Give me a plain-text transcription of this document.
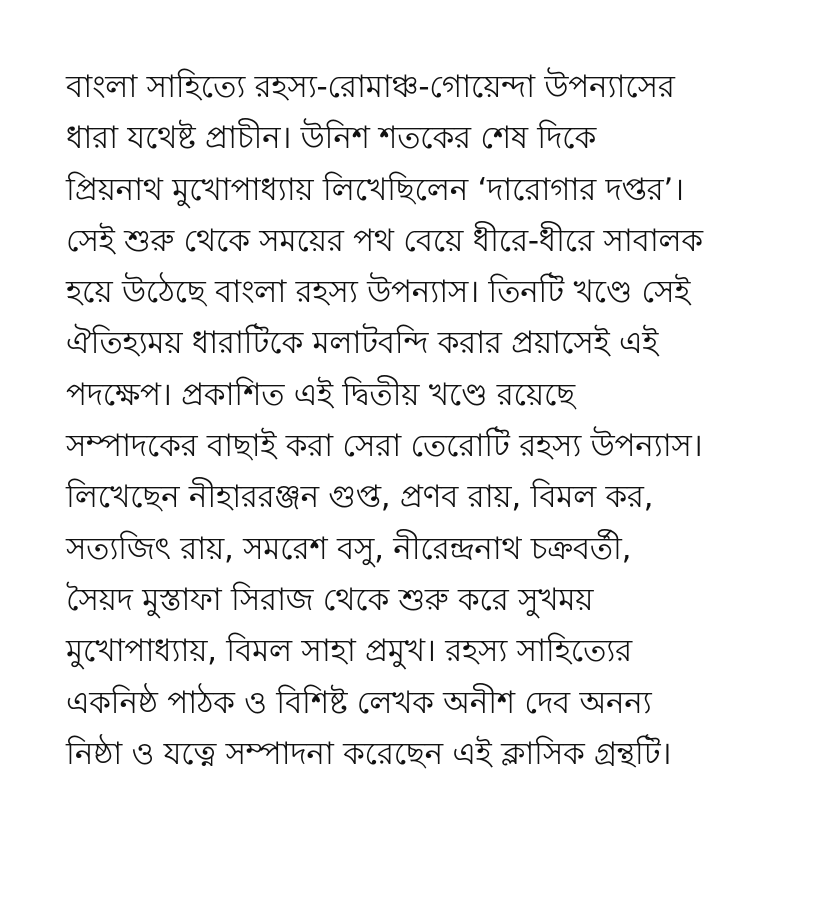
বাংলা সাহিত্যে রহস্য-রোমাঞ্চ-গোয়েন্দা উপন্যাসের
ধারা যথেষ্ট প্রাচীন। উনিশ শতকের শেষ দিকে
প্রিয়নাথ মুখোপাধ্যায় লিখেছিলেন ‘দারোগার দপ্তর’।
সেই শুরু থেকে সময়ের পথ বেয়ে ধীরে-ধীরে সাবালক
হয়ে উঠেছে বাংলা রহস্য উপন্যাস। তিনটি খণ্ডে সেই
ঐতিহ্যময় ধারাটিকে মলাটবন্দি করার প্রয়াসেই এই
পদক্ষেপ। প্রকাশিত এই দ্বিতীয় খণ্ডে রয়েছে
সম্পাদকের বাছাই করা সেরা তেরোটি রহস্য উপন্যাস।
লিখেছেন নীহাররঞ্জন গুপ্ত, প্রণব রায়, বিমল কর,
সত্যজিৎ রায়, সমরেশ বসু, নীরেন্দ্রনাথ চক্রবর্তী,
সৈয়দ মুস্তাফা সিরাজ থেকে শুরু করে সুখময়
মুখোপাধ্যায়, বিমল সাহা প্রমুখ। রহস্য সাহিত্যের
একনিষ্ঠ পাঠক ও বিশিষ্ট লেখক অনীশ দেব অনন্য
নিষ্ঠা ও যত্নে সম্পাদনা করেছেন এই ক্লাসিক গ্রন্থটি।
